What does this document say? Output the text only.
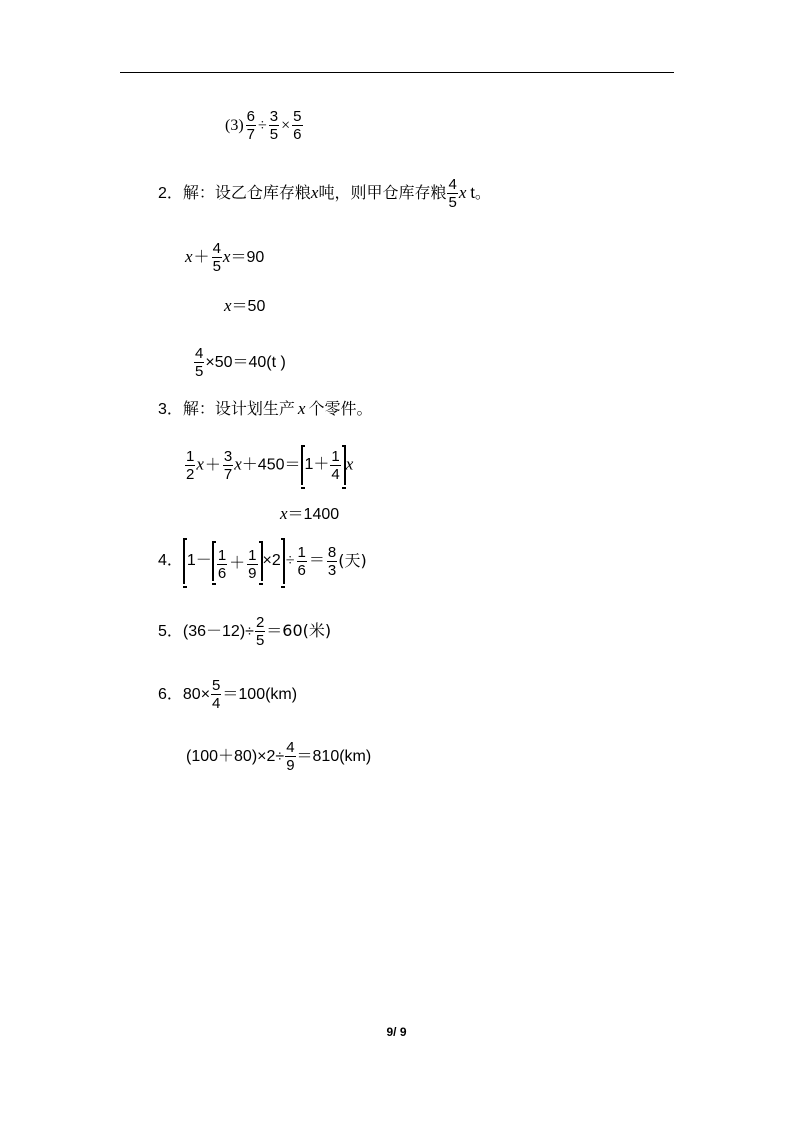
$(3) \frac{6}{7} \div \frac{3}{5} \times \frac{5}{6}$
2．解：设乙仓库存粮x吨，则甲仓库存粮 $\frac{4}{5}$ x t。
$x+ \frac{4}{5} x=90$
x＝50
$\frac{4}{5} \times 50=40(t$ )
3．解：设计划生产 x 个零件。
$\frac{1}{2} x+ \frac{3}{7} x+450= 1+ \frac{1}{4}$ x
x＝1400
4． $1- \frac{1}{6} + \frac{1}{9} \times 2 \div \frac{1}{6} = \frac{8}{3}$ (天)
5．$(36-12)\div \frac{2}{5} =60$(米)
6．$80\times \frac{5}{4} =100(km)$
$(100+80)\times 2\div \frac{4}{9} =810(km)$
9/ 9
